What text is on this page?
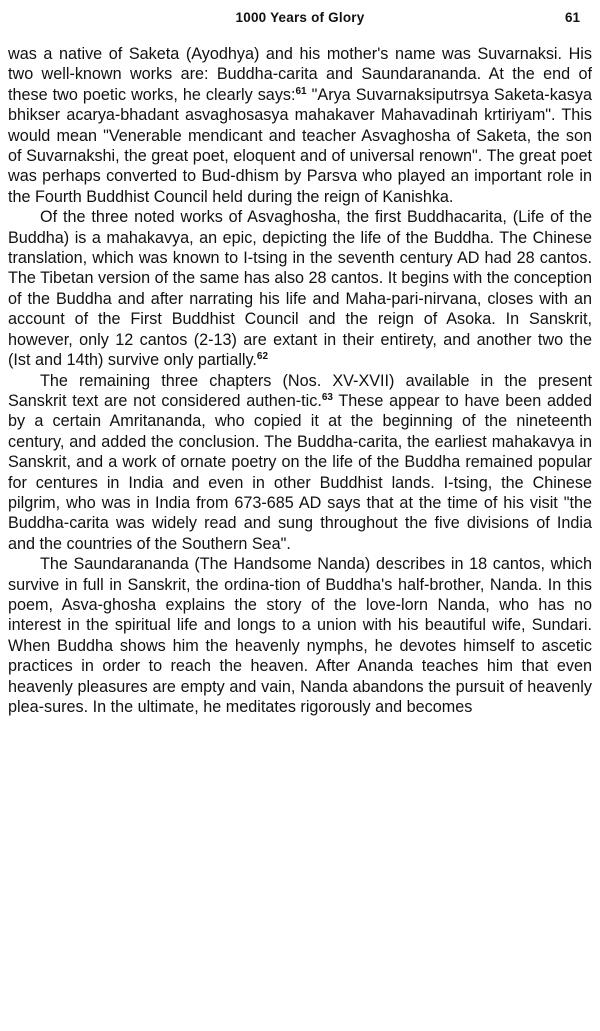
1000 Years of Glory	61

was a native of Saketa (Ayodhya) and his mother's name was Suvarnaksi. His two well-known works are: Buddha-carita and Saundarananda. At the end of these two poetic works, he clearly says:$^{61}$ "Arya Suvarnaksiputrsya Saketa-kasya bhikser acarya-bhadant asvaghosasya mahakaver Mahavadinah krtiriyam". This would mean "Venerable mendicant and teacher Asvaghosha of Saketa, the son of Suvarnakshi, the great poet, eloquent and of universal renown". The great poet was perhaps converted to Bud-dhism by Parsva who played an important role in the Fourth Buddhist Council held during the reign of Kanishka.

Of the three noted works of Asvaghosha, the first Buddhacarita, (Life of the Buddha) is a mahakavya, an epic, depicting the life of the Buddha. The Chinese translation, which was known to I-tsing in the seventh century AD had 28 cantos. The Tibetan version of the same has also 28 cantos. It begins with the conception of the Buddha and after narrating his life and Maha-pari-nirvana, closes with an account of the First Buddhist Council and the reign of Asoka. In Sanskrit, however, only 12 cantos (2-13) are extant in their entirety, and another two the (Ist and 14th) survive only partially.$^{62}$

The remaining three chapters (Nos. XV-XVII) available in the present Sanskrit text are not considered authen-tic.$^{63}$ These appear to have been added by a certain Amritananda, who copied it at the beginning of the nineteenth century, and added the conclusion. The Buddha-carita, the earliest mahakavya in Sanskrit, and a work of ornate poetry on the life of the Buddha remained popular for centures in India and even in other Buddhist lands. I-tsing, the Chinese pilgrim, who was in India from 673-685 AD says that at the time of his visit "the Buddha-carita was widely read and sung throughout the five divisions of India and the countries of the Southern Sea".

The Saundarananda (The Handsome Nanda) describes in 18 cantos, which survive in full in Sanskrit, the ordina-tion of Buddha's half-brother, Nanda. In this poem, Asva-ghosha explains the story of the love-lorn Nanda, who has no interest in the spiritual life and longs to a union with his beautiful wife, Sundari. When Buddha shows him the heavenly nymphs, he devotes himself to ascetic practices in order to reach the heaven. After Ananda teaches him that even heavenly pleasures are empty and vain, Nanda abandons the pursuit of heavenly plea-sures. In the ultimate, he meditates rigorously and becomes
